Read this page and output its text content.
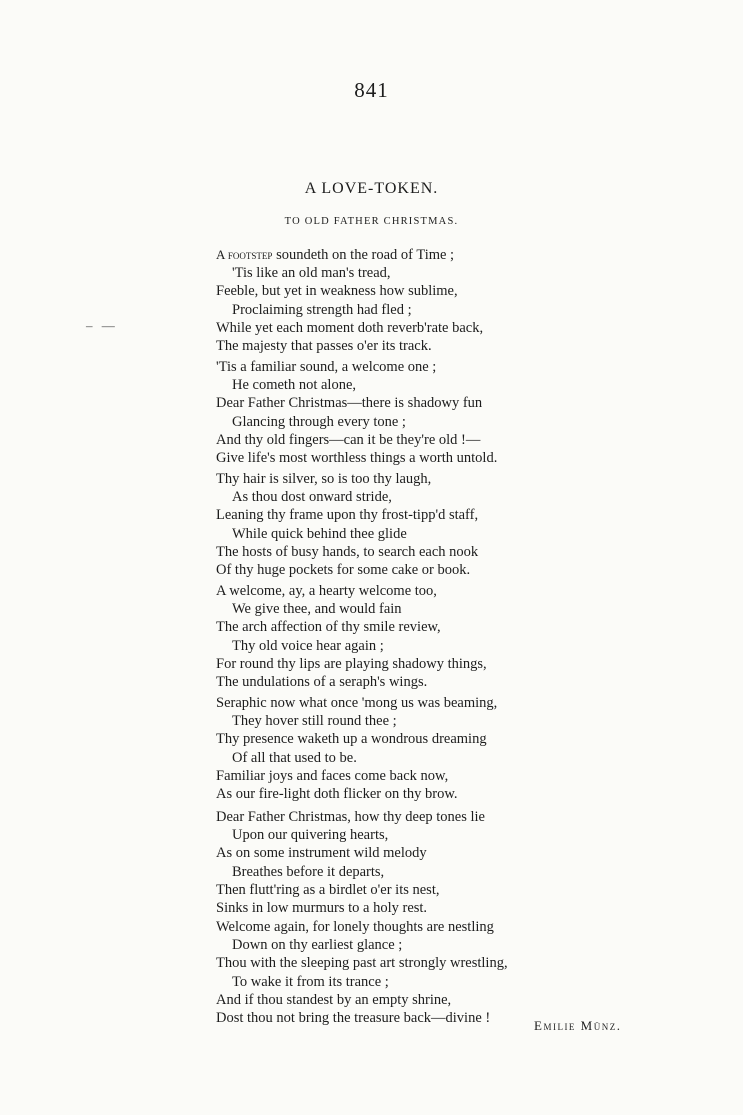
841
A LOVE-TOKEN.
TO OLD FATHER CHRISTMAS.
– —
A footstep soundeth on the road of Time ;
'Tis like an old man's tread,
Feeble, but yet in weakness how sublime,
Proclaiming strength had fled ;
While yet each moment doth reverb'rate back,
The majesty that passes o'er its track.
'Tis a familiar sound, a welcome one ;
He cometh not alone,
Dear Father Christmas—there is shadowy fun
Glancing through every tone ;
And thy old fingers—can it be they're old !—
Give life's most worthless things a worth untold.
Thy hair is silver, so is too thy laugh,
As thou dost onward stride,
Leaning thy frame upon thy frost-tipp'd staff,
While quick behind thee glide
The hosts of busy hands, to search each nook
Of thy huge pockets for some cake or book.
A welcome, ay, a hearty welcome too,
We give thee, and would fain
The arch affection of thy smile review,
Thy old voice hear again ;
For round thy lips are playing shadowy things,
The undulations of a seraph's wings.
Seraphic now what once 'mong us was beaming,
They hover still round thee ;
Thy presence waketh up a wondrous dreaming
Of all that used to be.
Familiar joys and faces come back now,
As our fire-light doth flicker on thy brow.
Dear Father Christmas, how thy deep tones lie
Upon our quivering hearts,
As on some instrument wild melody
Breathes before it departs,
Then flutt'ring as a birdlet o'er its nest,
Sinks in low murmurs to a holy rest.
Welcome again, for lonely thoughts are nestling
Down on thy earliest glance ;
Thou with the sleeping past art strongly wrestling,
To wake it from its trance ;
And if thou standest by an empty shrine,
Dost thou not bring the treasure back—divine !	Emilie Münz.
